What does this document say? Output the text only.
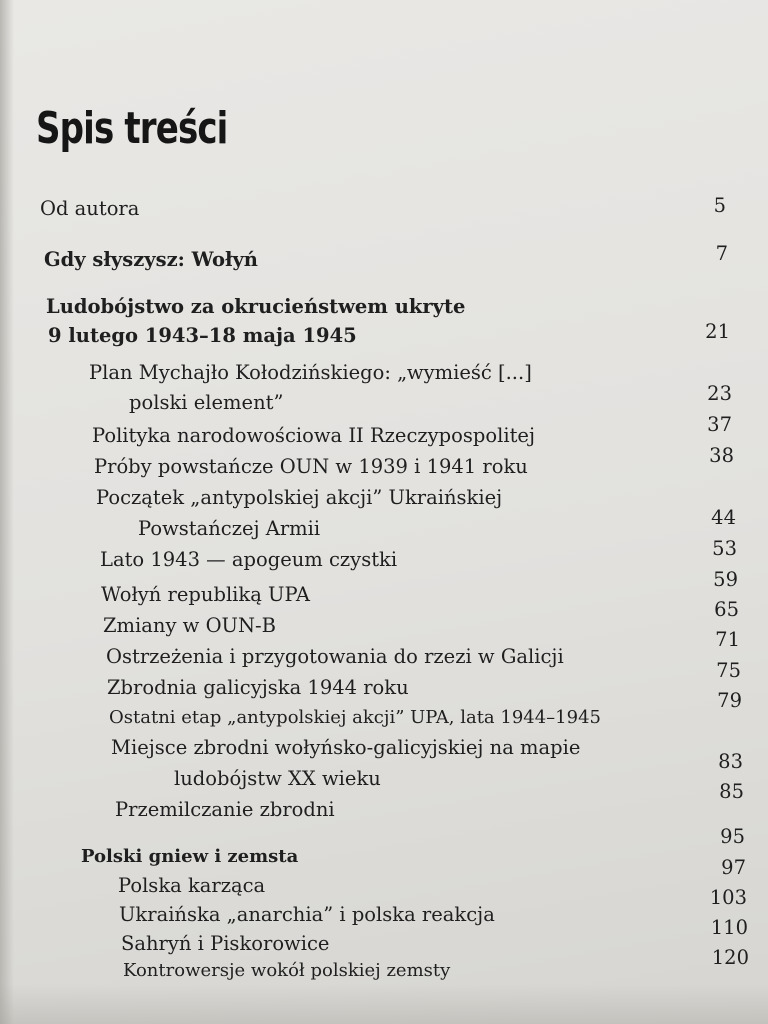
Spis treści
Od autora
Gdy słyszysz: Wołyń
Ludobójstwo za okrucieństwem ukryte
9 lutego 1943–18 maja 1945
Plan Mychajło Kołodzińskiego: „wymieść [...]
polski element”
Polityka narodowościowa II Rzeczypospolitej
Próby powstańcze OUN w 1939 i 1941 roku
Początek „antypolskiej akcji” Ukraińskiej
Powstańczej Armii
Lato 1943 — apogeum czystki
Wołyń republiką UPA
Zmiany w OUN-B
Ostrzeżenia i przygotowania do rzezi w Galicji
Zbrodnia galicyjska 1944 roku
Ostatni etap „antypolskiej akcji” UPA, lata 1944–1945
Miejsce zbrodni wołyńsko-galicyjskiej na mapie
ludobójstw XX wieku
Przemilczanie zbrodni
Polski gniew i zemsta
Polska karząca
Ukraińska „anarchia” i polska reakcja
Sahryń i Piskorowice
Kontrowersje wokół polskiej zemsty
5
7
21
23
37
38
44
53
59
65
71
75
79
83
85
95
97
103
110
120
